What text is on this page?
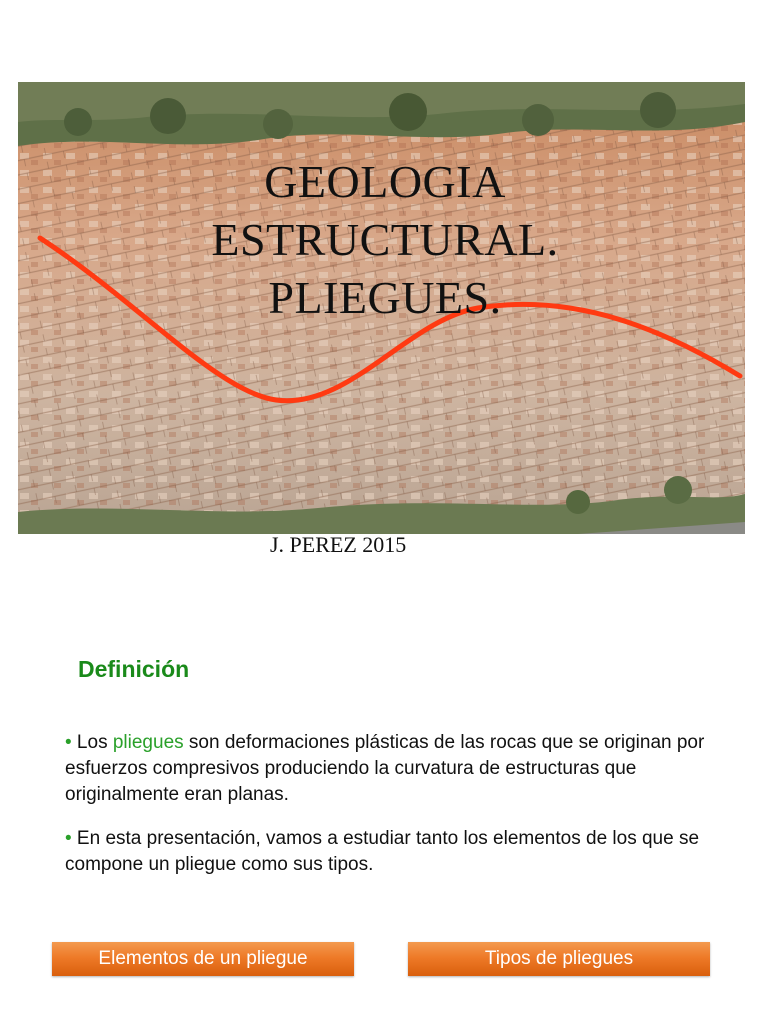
GEOLOGIA
ESTRUCTURAL.
PLIEGUES.
J. PEREZ 2015
Definición
• Los pliegues son deformaciones plásticas de las rocas que se originan por esfuerzos compresivos produciendo la curvatura de estructuras que originalmente eran planas.
• En esta presentación, vamos a estudiar tanto los elementos de los que se compone un pliegue como sus tipos.
Elementos de un pliegue	Tipos de pliegues
